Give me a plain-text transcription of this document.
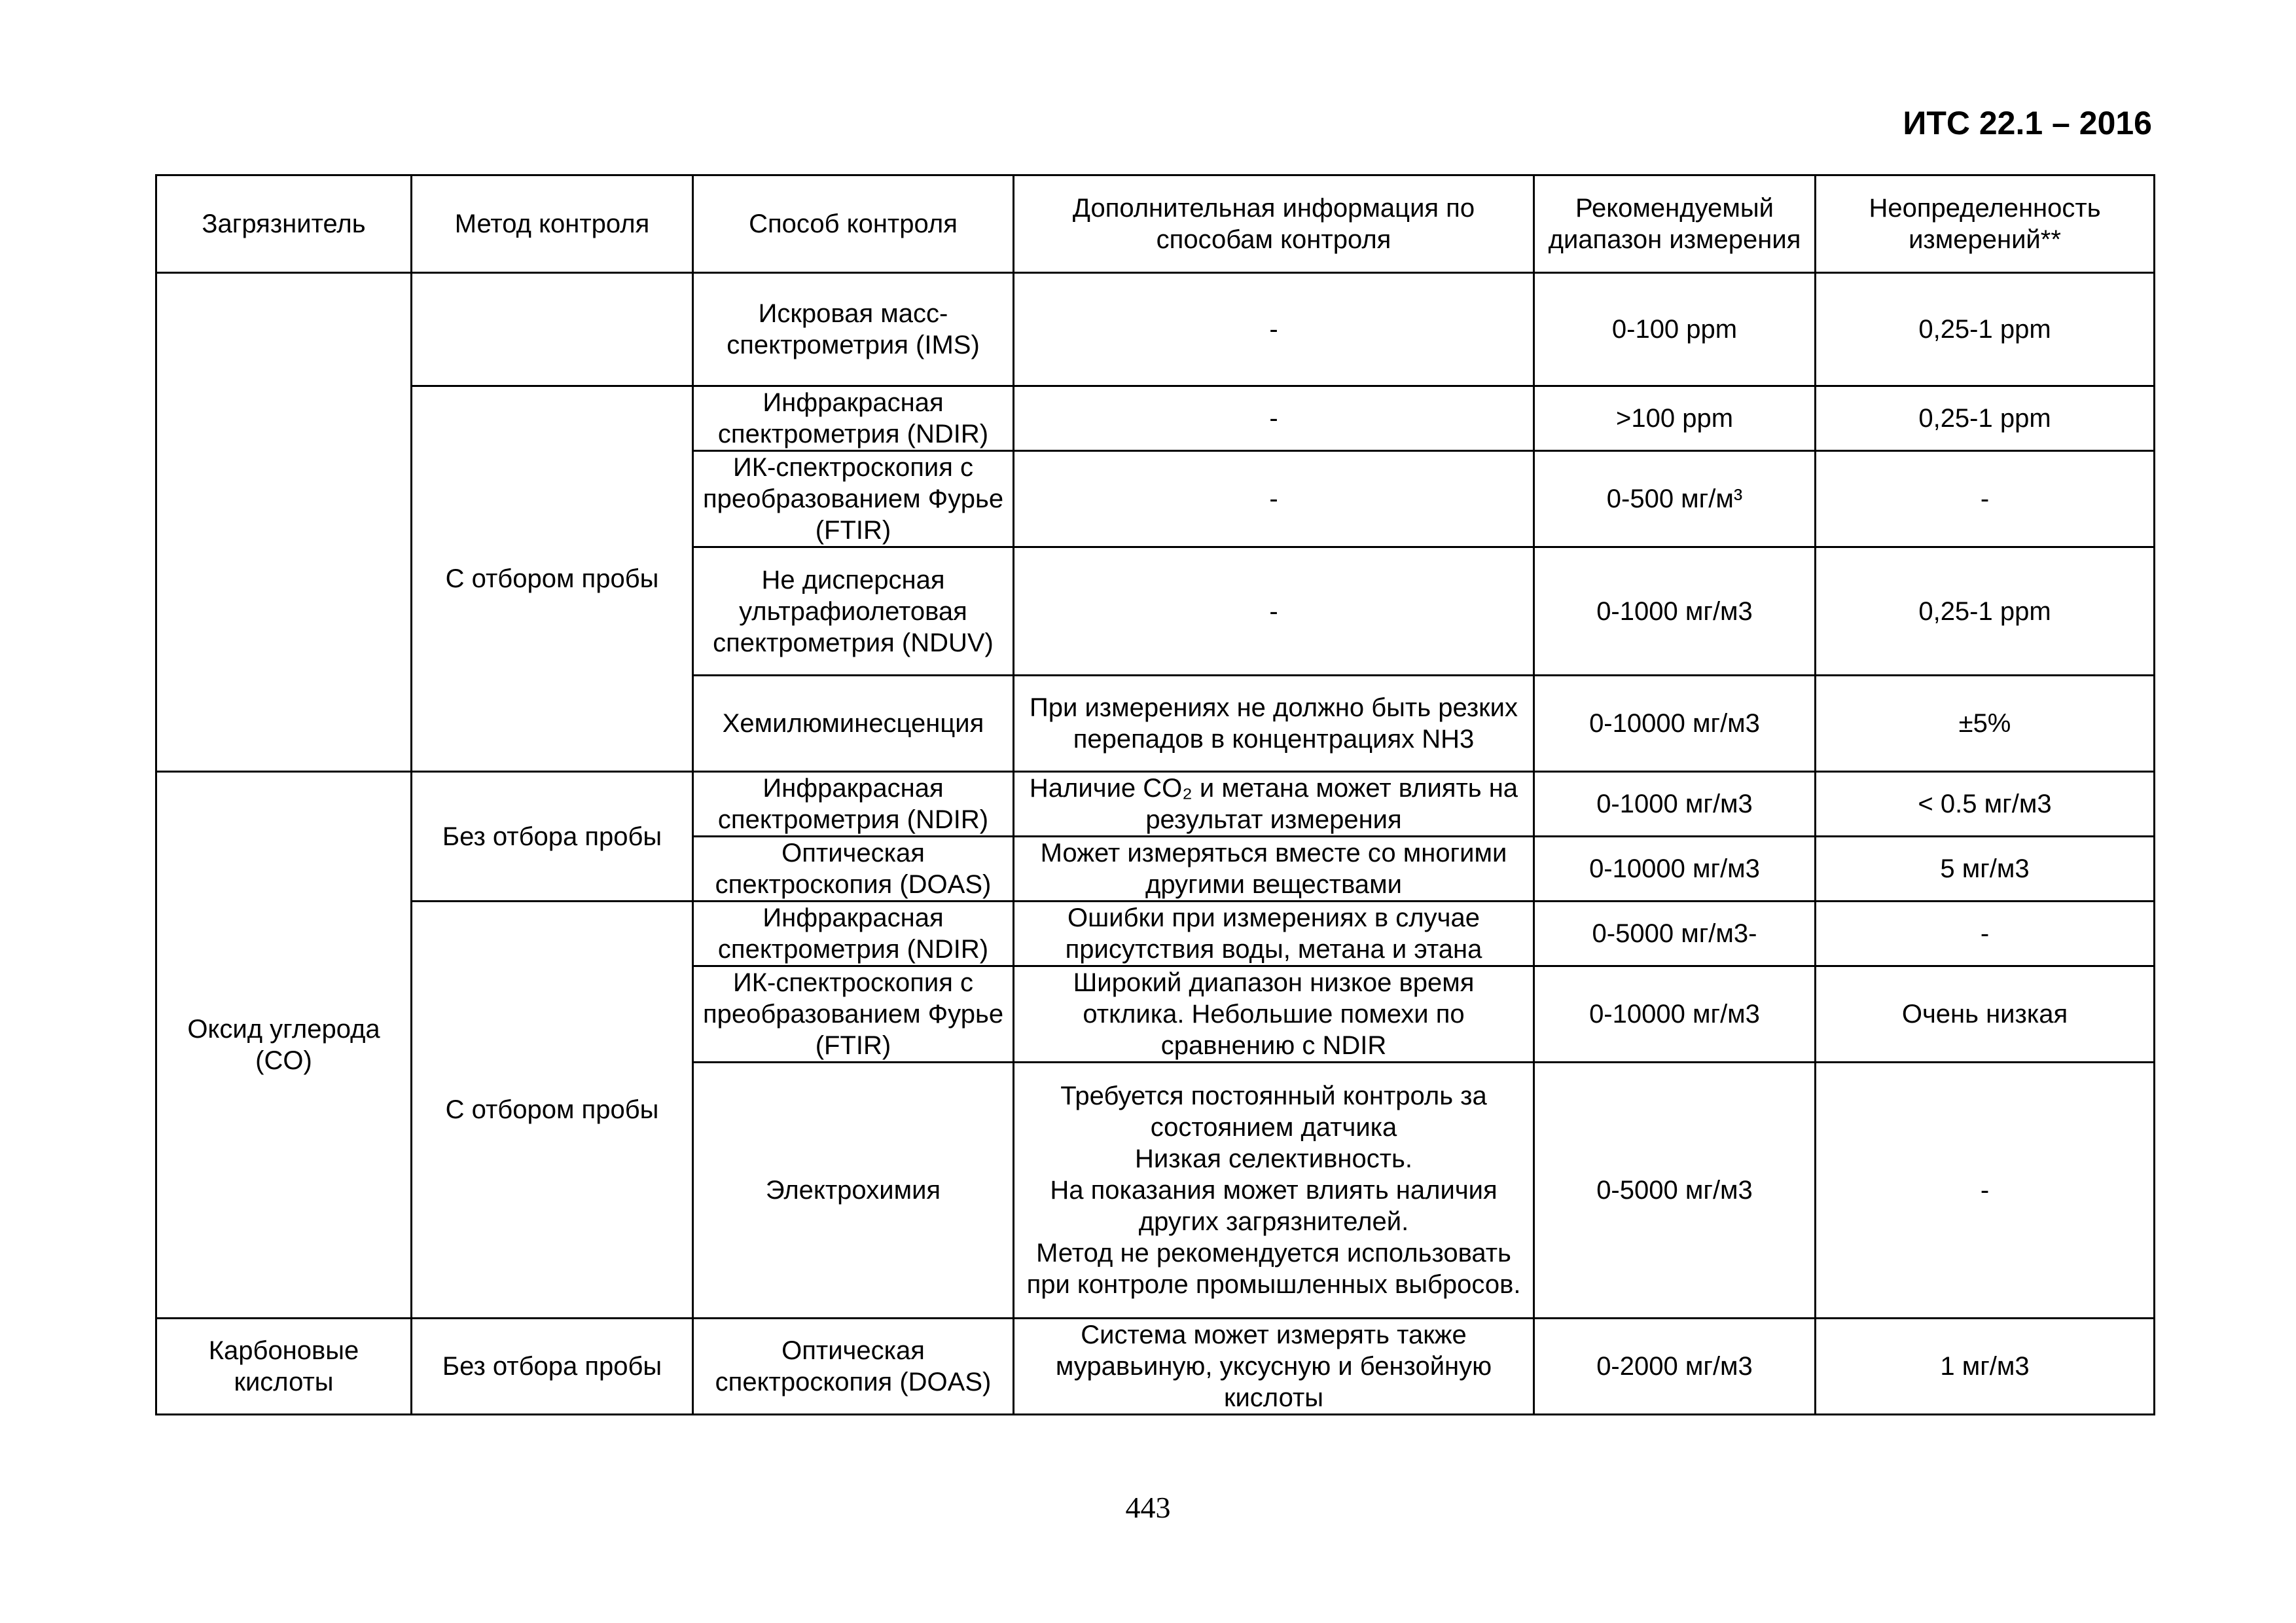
ИТС 22.1 – 2016
Загрязнитель	Метод контроля	Способ контроля	Дополнительная информация по способам контроля	Рекомендуемый диапазон измерения	Неопределенность измерений**
		Искровая масс-спектрометрия (IMS)	-	0-100 ppm	0,25-1 ppm
	С отбором пробы	Инфракрасная спектрометрия (NDIR)	-	>100 ppm	0,25-1 ppm
		ИК-спектроскопия с преобразованием Фурье (FTIR)	-	0-500 мг/м³	-
		Не дисперсная ультрафиолетовая спектрометрия (NDUV)	-	0-1000 мг/м3	0,25-1 ppm
		Хемилюминесценция	При измерениях не должно быть резких перепадов в концентрациях NH3	0-10000 мг/м3	±5%
Оксид углерода (CO)	Без отбора пробы	Инфракрасная спектрометрия (NDIR)	Наличие CO₂ и метана может влиять на результат измерения	0-1000 мг/м3	< 0.5 мг/м3
		Оптическая спектроскопия (DOAS)	Может измеряться вместе со многими другими веществами	0-10000 мг/м3	5 мг/м3
	С отбором пробы	Инфракрасная спектрометрия (NDIR)	Ошибки при измерениях в случае присутствия воды, метана и этана	0-5000 мг/м3-	-
		ИК-спектроскопия с преобразованием Фурье (FTIR)	Широкий диапазон низкое время отклика. Небольшие помехи по сравнению с NDIR	0-10000 мг/м3	Очень низкая
		Электрохимия	Требуется постоянный контроль за состоянием датчика
Низкая селективность.
На показания может влиять наличия других загрязнителей.
Метод не рекомендуется использовать при контроле промышленных выбросов.	0-5000 мг/м3	-
Карбоновые кислоты	Без отбора пробы	Оптическая спектроскопия (DOAS)	Система может измерять также муравьиную, уксусную и бензойную кислоты	0-2000 мг/м3	1 мг/м3
443
